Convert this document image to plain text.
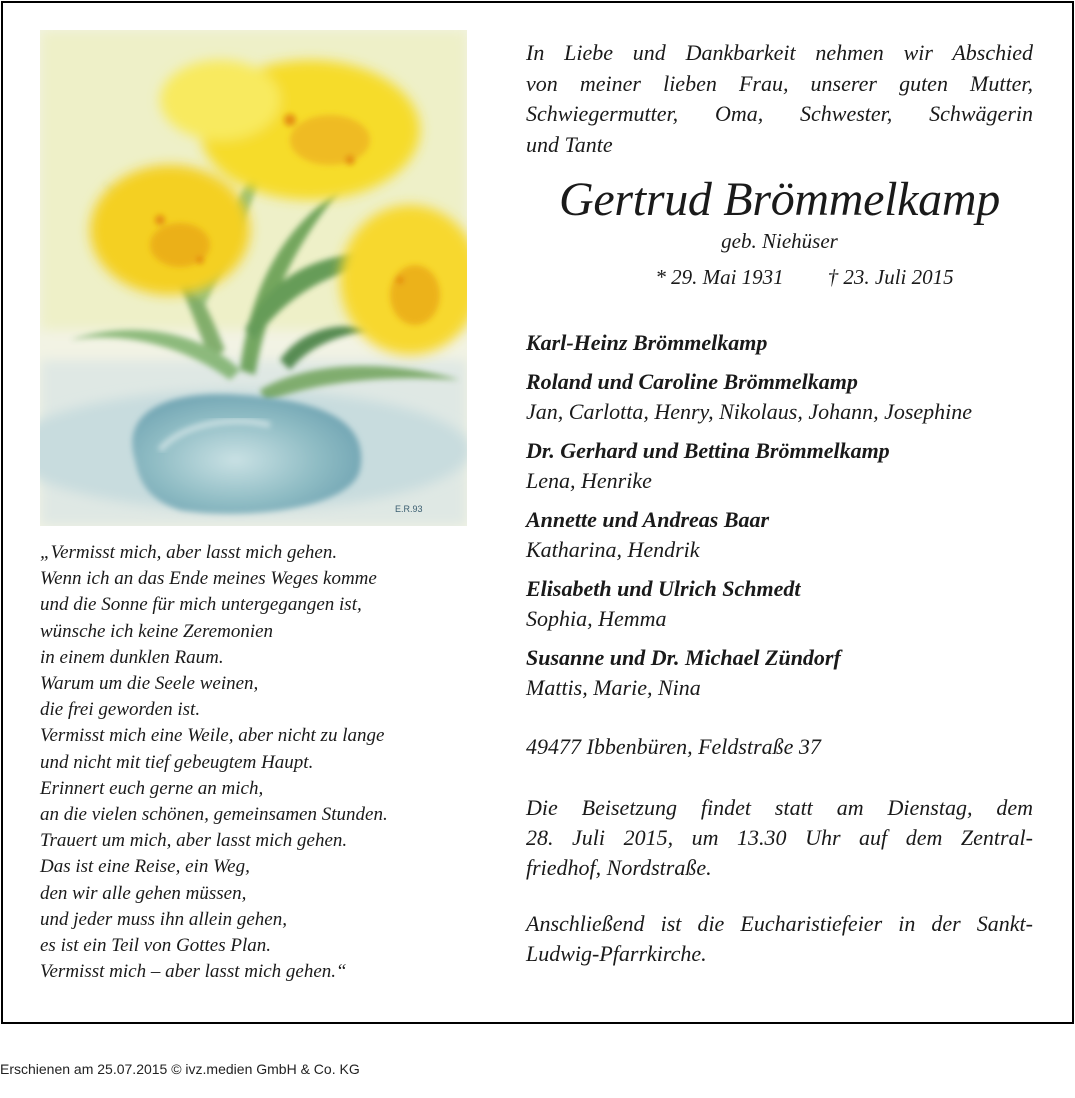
E.R.93
„Vermisst mich, aber lasst mich gehen.
Wenn ich an das Ende meines Weges komme
und die Sonne für mich untergegangen ist,
wünsche ich keine Zeremonien
in einem dunklen Raum.
Warum um die Seele weinen,
die frei geworden ist.
Vermisst mich eine Weile, aber nicht zu lange
und nicht mit tief gebeugtem Haupt.
Erinnert euch gerne an mich,
an die vielen schönen, gemeinsamen Stunden.
Trauert um mich, aber lasst mich gehen.
Das ist eine Reise, ein Weg,
den wir alle gehen müssen,
und jeder muss ihn allein gehen,
es ist ein Teil von Gottes Plan.
Vermisst mich – aber lasst mich gehen.“
In Liebe und Dankbarkeit nehmen wir Abschied
von meiner lieben Frau, unserer guten Mutter,
Schwiegermutter, Oma, Schwester, Schwägerin
und Tante
Gertrud Brömmelkamp
geb. Niehüser
* 29. Mai 1931 † 23. Juli 2015
Karl-Heinz Brömmelkamp
Roland und Caroline Brömmelkamp
Jan, Carlotta, Henry, Nikolaus, Johann, Josephine
Dr. Gerhard und Bettina Brömmelkamp
Lena, Henrike
Annette und Andreas Baar
Katharina, Hendrik
Elisabeth und Ulrich Schmedt
Sophia, Hemma
Susanne und Dr. Michael Zündorf
Mattis, Marie, Nina
49477 Ibbenbüren, Feldstraße 37
Die Beisetzung findet statt am Dienstag, dem
28. Juli 2015, um 13.30 Uhr auf dem Zentral-
friedhof, Nordstraße.
Anschließend ist die Eucharistiefeier in der Sankt-
Ludwig-Pfarrkirche.
Erschienen am 25.07.2015 © ivz.medien GmbH & Co. KG
